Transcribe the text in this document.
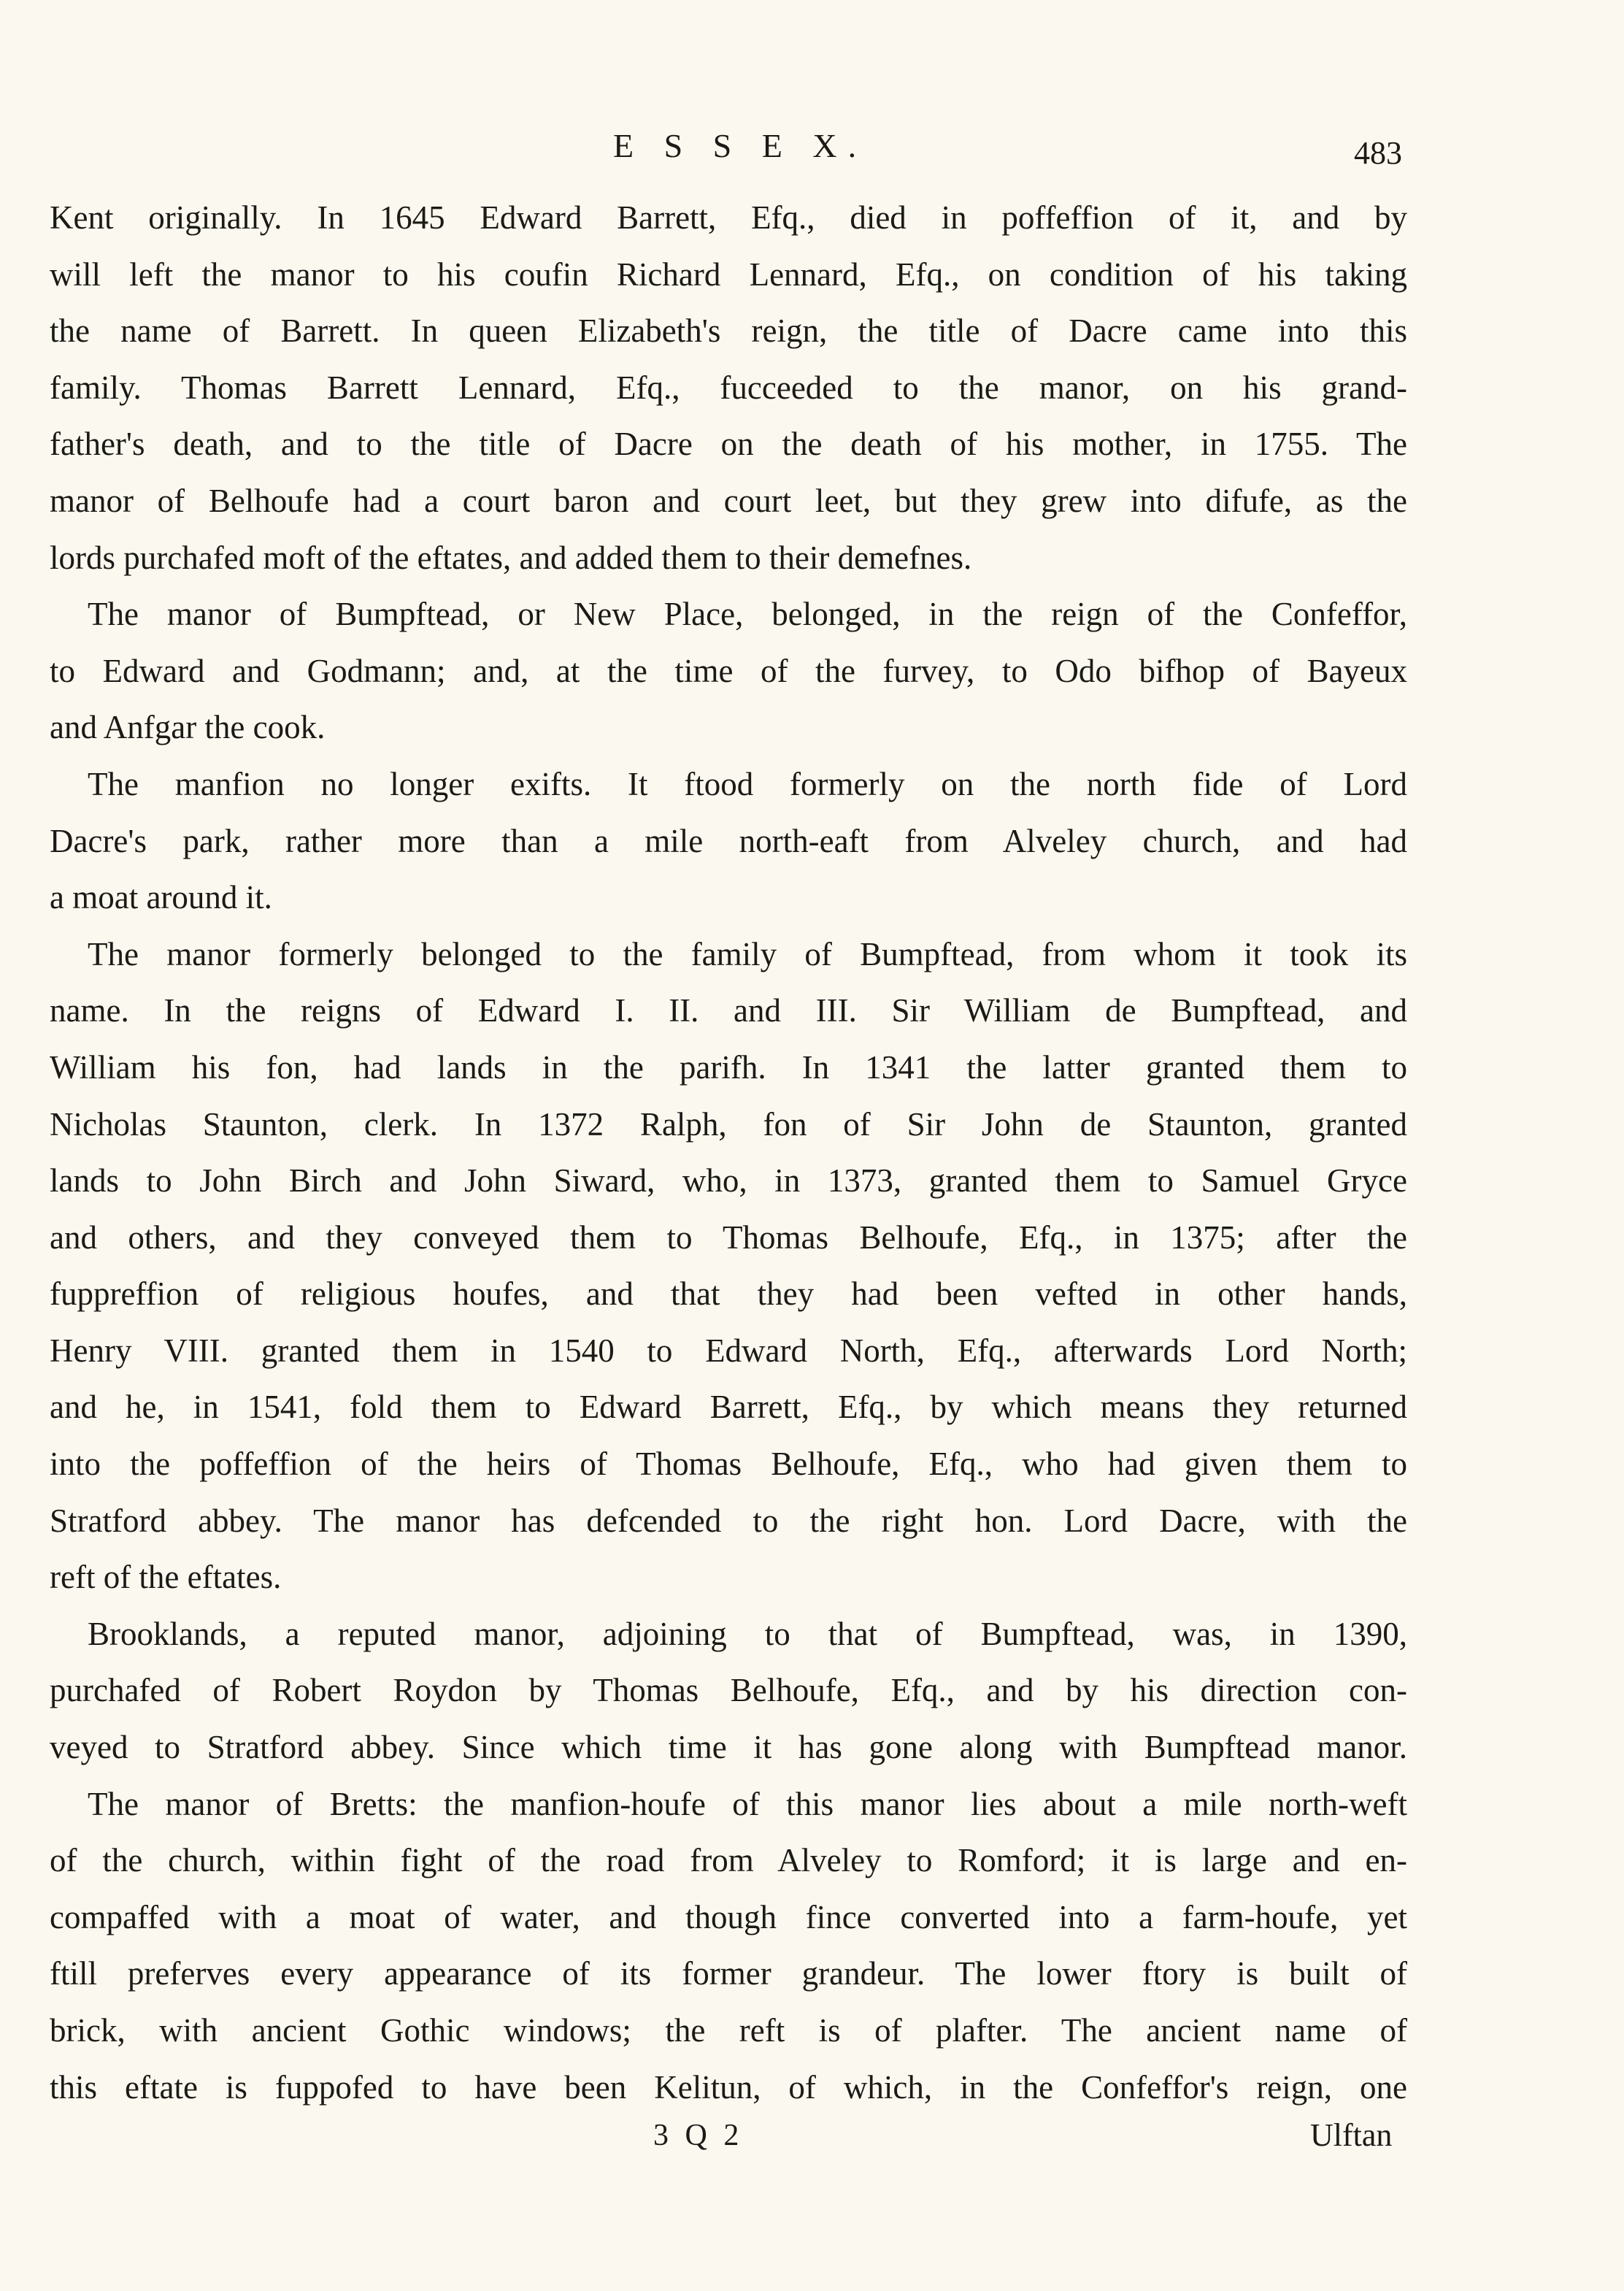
E S S E X.	483
Kent originally. In 1645 Edward Barrett, Efq., died in poffeffion of it, and by
will left the manor to his coufin Richard Lennard, Efq., on condition of his taking
the name of Barrett. In queen Elizabeth's reign, the title of Dacre came into this
family. Thomas Barrett Lennard, Efq., fucceeded to the manor, on his grand-
father's death, and to the title of Dacre on the death of his mother, in 1755. The
manor of Belhoufe had a court baron and court leet, but they grew into difufe, as the
lords purchafed moft of the eftates, and added them to their demefnes.
The manor of Bumpftead, or New Place, belonged, in the reign of the Confeffor,
to Edward and Godmann; and, at the time of the furvey, to Odo bifhop of Bayeux
and Anfgar the cook.
The manfion no longer exifts. It ftood formerly on the north fide of Lord
Dacre's park, rather more than a mile north-eaft from Alveley church, and had
a moat around it.
The manor formerly belonged to the family of Bumpftead, from whom it took its
name. In the reigns of Edward I. II. and III. Sir William de Bumpftead, and
William his fon, had lands in the parifh. In 1341 the latter granted them to
Nicholas Staunton, clerk. In 1372 Ralph, fon of Sir John de Staunton, granted
lands to John Birch and John Siward, who, in 1373, granted them to Samuel Gryce
and others, and they conveyed them to Thomas Belhoufe, Efq., in 1375; after the
fuppreffion of religious houfes, and that they had been vefted in other hands,
Henry VIII. granted them in 1540 to Edward North, Efq., afterwards Lord North;
and he, in 1541, fold them to Edward Barrett, Efq., by which means they returned
into the poffeffion of the heirs of Thomas Belhoufe, Efq., who had given them to
Stratford abbey. The manor has defcended to the right hon. Lord Dacre, with the
reft of the eftates.
Brooklands, a reputed manor, adjoining to that of Bumpftead, was, in 1390,
purchafed of Robert Roydon by Thomas Belhoufe, Efq., and by his direction con-
veyed to Stratford abbey. Since which time it has gone along with Bumpftead manor.
The manor of Bretts: the manfion-houfe of this manor lies about a mile north-weft
of the church, within fight of the road from Alveley to Romford; it is large and en-
compaffed with a moat of water, and though fince converted into a farm-houfe, yet
ftill preferves every appearance of its former grandeur. The lower ftory is built of
brick, with ancient Gothic windows; the reft is of plafter. The ancient name of
this eftate is fuppofed to have been Kelitun, of which, in the Confeffor's reign, one
3 Q 2	Ulftan
